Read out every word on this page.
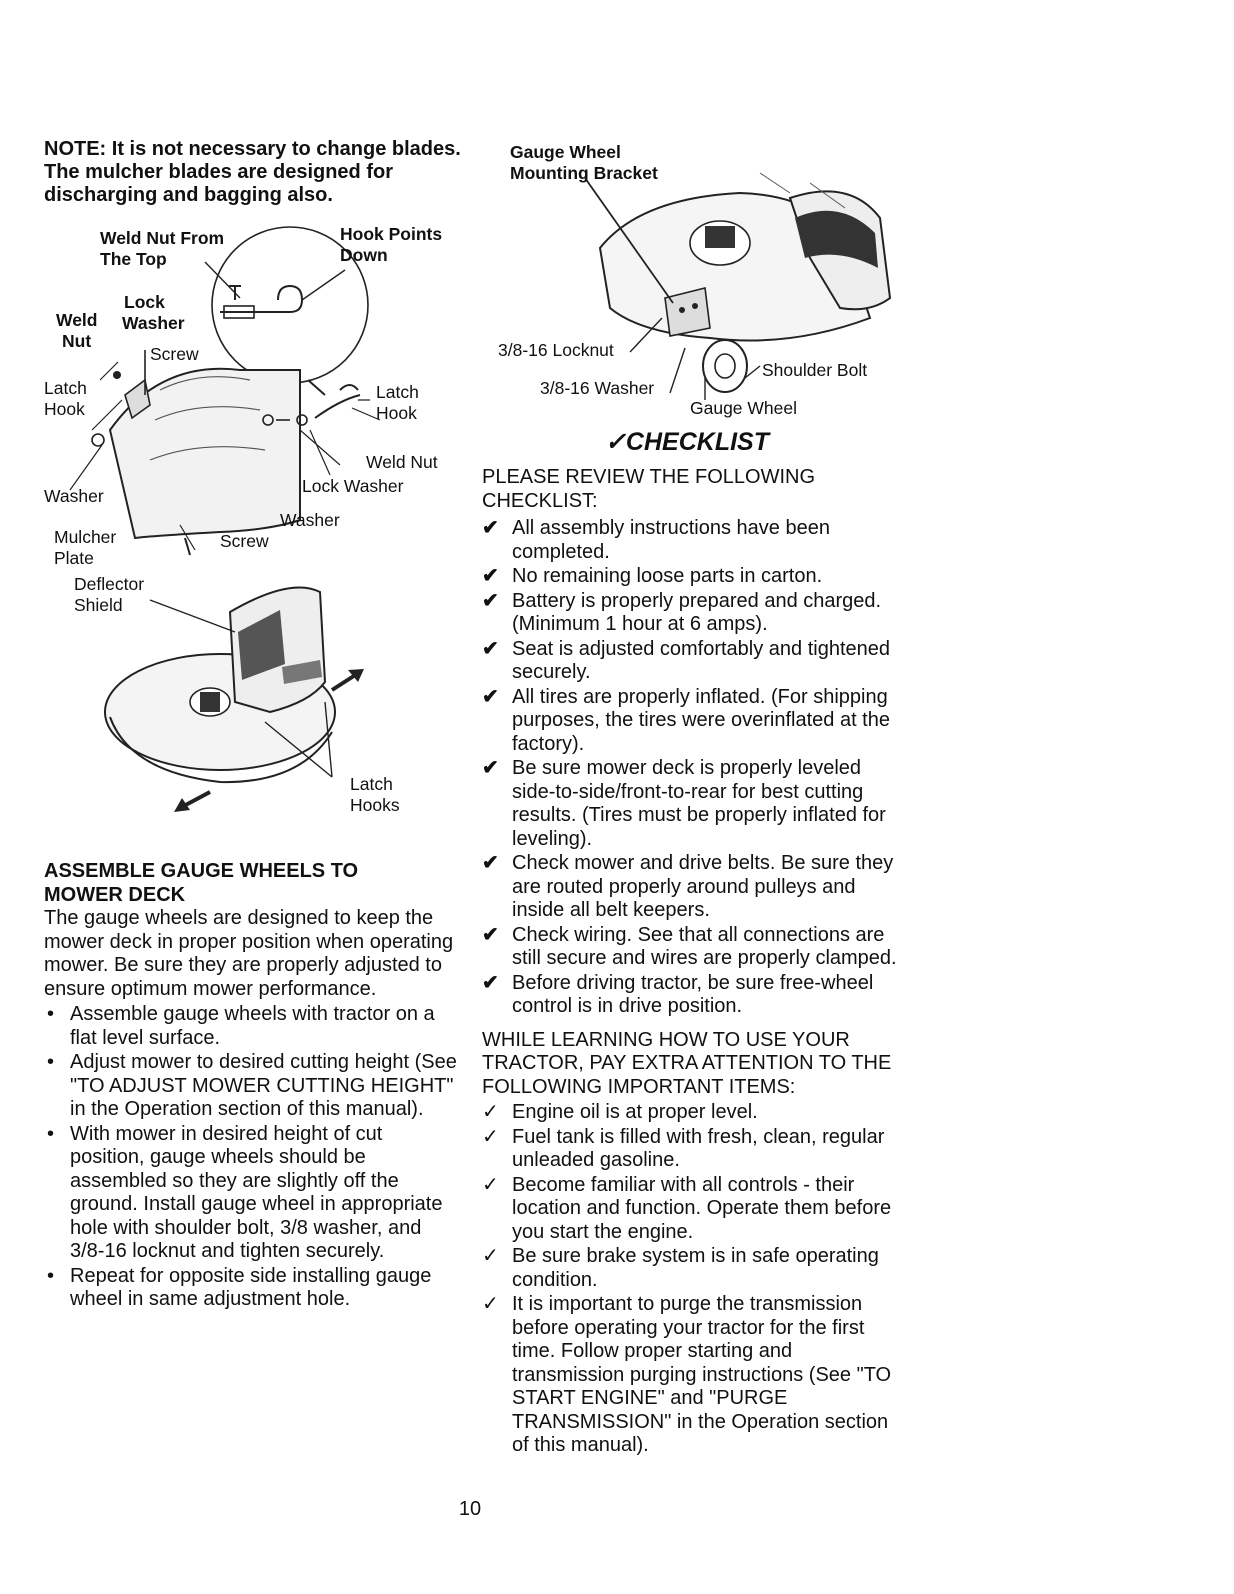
NOTE: It is not necessary to change blades. The mulcher blades are designed for discharging and bagging also.
Weld Nut From
The Top
Hook Points
Down
Lock
Washer
Weld
Nut
Screw
Latch
Hook
Latch
Hook
Weld Nut
Lock Washer
Washer
Washer
Mulcher
Plate
Screw
Deflector
Shield
Latch
Hooks
ASSEMBLE GAUGE WHEELS TO
MOWER DECK
The gauge wheels are designed to keep the mower deck in proper position when operating mower. Be sure they are properly adjusted to ensure optimum mower performance.
• Assemble gauge wheels with tractor on a flat level surface.
• Adjust mower to desired cutting height (See "TO ADJUST MOWER CUTTING HEIGHT" in the Operation section of this manual).
• With mower in desired height of cut position, gauge wheels should be assembled so they are slightly off the ground. Install gauge wheel in appropriate hole with shoulder bolt, 3/8 washer, and 3/8-16 locknut and tighten securely.
• Repeat for opposite side installing gauge wheel in same adjustment hole.
Gauge Wheel
Mounting Bracket
3/8-16 Locknut
3/8-16 Washer
Shoulder Bolt
Gauge Wheel
✓CHECKLIST
PLEASE REVIEW THE FOLLOWING CHECKLIST:
✔ All assembly instructions have been completed.
✔ No remaining loose parts in carton.
✔ Battery is properly prepared and charged. (Minimum 1 hour at 6 amps).
✔ Seat is adjusted comfortably and tightened securely.
✔ All tires are properly inflated. (For shipping purposes, the tires were overinflated at the factory).
✔ Be sure mower deck is properly leveled side-to-side/front-to-rear for best cutting results. (Tires must be properly inflated for leveling).
✔ Check mower and drive belts. Be sure they are routed properly around pulleys and inside all belt keepers.
✔ Check wiring. See that all connections are still secure and wires are properly clamped.
✔ Before driving tractor, be sure free-wheel control is in drive position.
WHILE LEARNING HOW TO USE YOUR TRACTOR, PAY EXTRA ATTENTION TO THE FOLLOWING IMPORTANT ITEMS:
✓ Engine oil is at proper level.
✓ Fuel tank is filled with fresh, clean, regular unleaded gasoline.
✓ Become familiar with all controls - their location and function. Operate them before you start the engine.
✓ Be sure brake system is in safe operating condition.
✓ It is important to purge the transmission before operating your tractor for the first time. Follow proper starting and transmission purging instructions (See "TO START ENGINE" and "PURGE TRANSMISSION" in the Operation section of this manual).
10
